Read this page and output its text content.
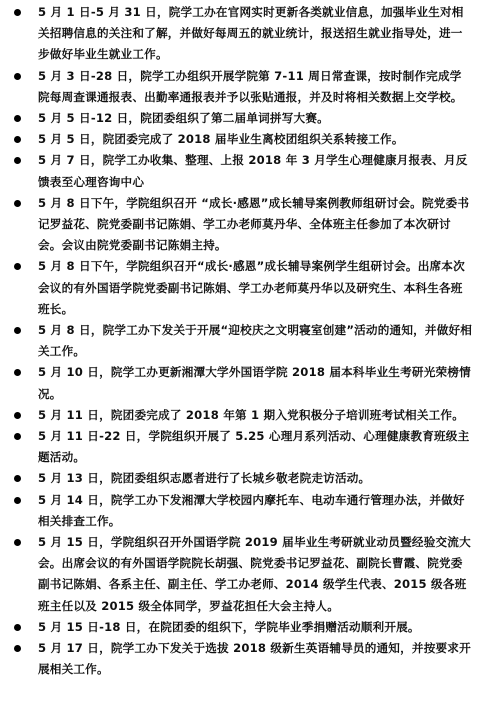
5 月 1 日-5 月 31 日，院学工办在官网实时更新各类就业信息，加强毕业生对相关招聘信息的关注和了解，并做好每周五的就业统计，报送招生就业指导处，进一步做好毕业生就业工作。
5 月 3 日-28 日，院学工办组织开展学院第 7-11 周日常查课，按时制作完成学院每周查课通报表、出勤率通报表并予以张贴通报，并及时将相关数据上交学校。
5 月 5 日-12 日，院团委组织了第二届单词拼写大赛。
5 月 5 日，院团委完成了 2018 届毕业生离校团组织关系转接工作。
5 月 7 日，院学工办收集、整理、上报 2018 年 3 月学生心理健康月报表、月反馈表至心理咨询中心
5 月 8 日下午，学院组织召开 “成长·感恩”成长辅导案例教师组研讨会。院党委书记罗益花、院党委副书记陈娟、学工办老师莫丹华、全体班主任参加了本次研讨会。会议由院党委副书记陈娟主持。
5 月 8 日下午，学院组织召开“成长·感恩”成长辅导案例学生组研讨会。出席本次会议的有外国语学院党委副书记陈娟、学工办老师莫丹华以及研究生、本科生各班班长。
5 月 8 日，院学工办下发关于开展“迎校庆之文明寝室创建”活动的通知，并做好相关工作。
5 月 10 日，院学工办更新湘潭大学外国语学院 2018 届本科毕业生考研光荣榜情况。
5 月 11 日，院团委完成了 2018 年第 1 期入党积极分子培训班考试相关工作。
5 月 11 日-22 日，学院组织开展了 5.25 心理月系列活动、心理健康教育班级主题活动。
5 月 13 日，院团委组织志愿者进行了长城乡敬老院走访活动。
5 月 14 日，院学工办下发湘潭大学校园内摩托车、电动车通行管理办法，并做好相关排查工作。
5 月 15 日，学院组织召开外国语学院 2019 届毕业生考研就业动员暨经验交流大会。出席会议的有外国语学院院长胡强、院党委书记罗益花、副院长曹霞、院党委副书记陈娟、各系主任、副主任、学工办老师、2014 级学生代表、2015 级各班班主任以及 2015 级全体同学，罗益花担任大会主持人。
5 月 15 日-18 日，在院团委的组织下，学院毕业季捐赠活动顺利开展。
5 月 17 日，院学工办下发关于选拔 2018 级新生英语辅导员的通知，并按要求开展相关工作。
